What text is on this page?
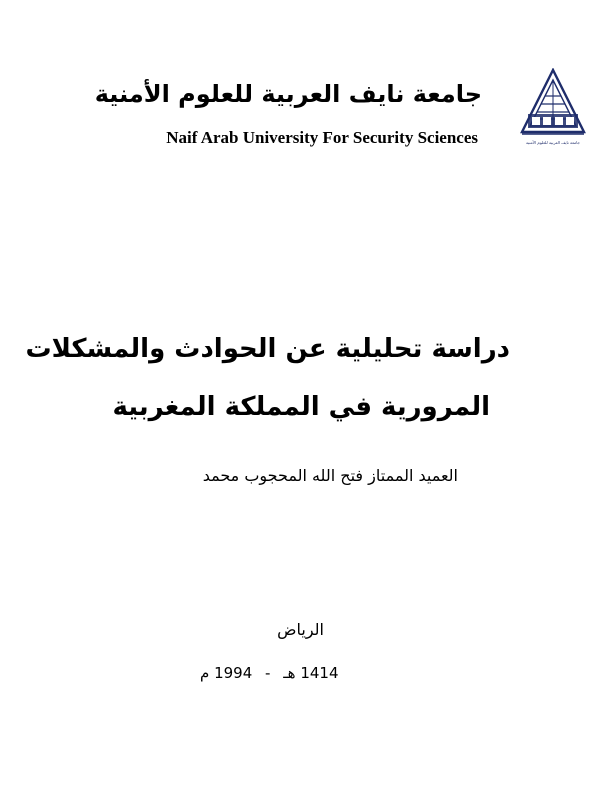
جامعة نايف العربية للعلوم الأمنية
Naif Arab University For Security Sciences	جامعة نايف العربية للعلوم الأمنية
دراسة تحليلية عن الحوادث والمشكلات
المرورية في المملكة المغربية
العميد الممتاز فتح الله المحجوب محمد
الرياض
م 1994 - هـ 1414
